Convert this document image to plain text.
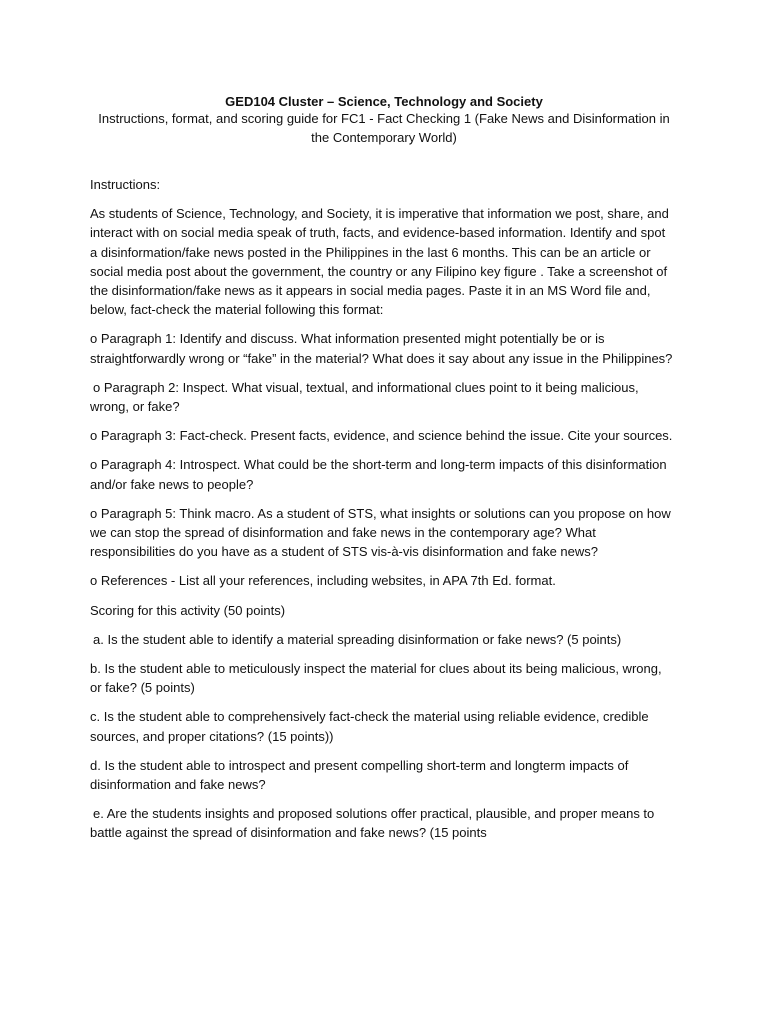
GED104 Cluster – Science, Technology and Society
Instructions, format, and scoring guide for FC1 - Fact Checking 1 (Fake News and Disinformation in the Contemporary World)

Instructions:

As students of Science, Technology, and Society, it is imperative that information we post, share, and interact with on social media speak of truth, facts, and evidence-based information. Identify and spot a disinformation/fake news posted in the Philippines in the last 6 months. This can be an article or social media post about the government, the country or any Filipino key figure . Take a screenshot of the disinformation/fake news as it appears in social media pages. Paste it in an MS Word file and, below, fact-check the material following this format:

o Paragraph 1: Identify and discuss. What information presented might potentially be or is straightforwardly wrong or “fake” in the material? What does it say about any issue in the Philippines?

o Paragraph 2: Inspect. What visual, textual, and informational clues point to it being malicious, wrong, or fake?

o Paragraph 3: Fact-check. Present facts, evidence, and science behind the issue. Cite your sources.

o Paragraph 4: Introspect. What could be the short-term and long-term impacts of this disinformation and/or fake news to people?

o Paragraph 5: Think macro. As a student of STS, what insights or solutions can you propose on how we can stop the spread of disinformation and fake news in the contemporary age? What responsibilities do you have as a student of STS vis-à-vis disinformation and fake news?

o References - List all your references, including websites, in APA 7th Ed. format.

Scoring for this activity (50 points)

a. Is the student able to identify a material spreading disinformation or fake news? (5 points)

b. Is the student able to meticulously inspect the material for clues about its being malicious, wrong, or fake? (5 points)

c. Is the student able to comprehensively fact-check the material using reliable evidence, credible sources, and proper citations? (15 points))

d. Is the student able to introspect and present compelling short-term and longterm impacts of disinformation and fake news?

e. Are the students insights and proposed solutions offer practical, plausible, and proper means to battle against the spread of disinformation and fake news? (15 points
